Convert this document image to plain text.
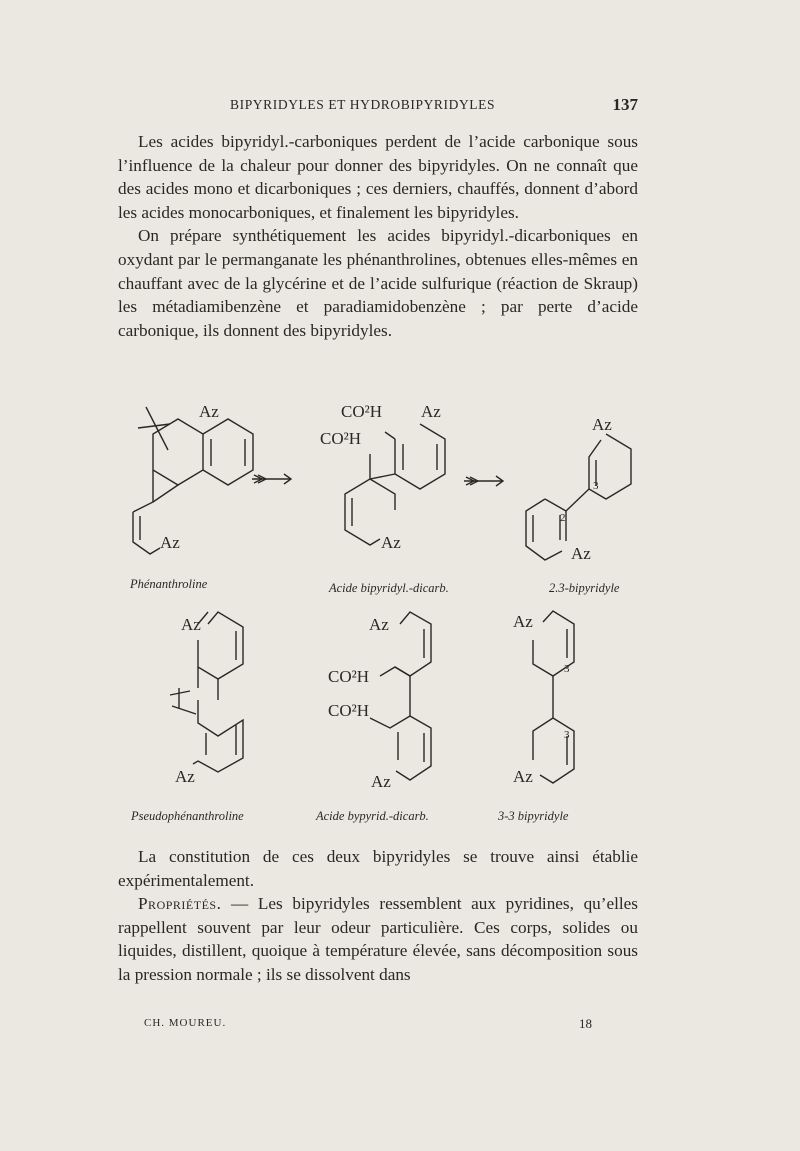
BIPYRIDYLES ET HYDROBIPYRIDYLES	137

Les acides bipyridyl.-carboniques perdent de l’acide carbonique sous l’influence de la chaleur pour donner des bipyridyles. On ne connaît que des acides mono et dicarboniques ; ces derniers, chauffés, donnent d’abord les acides monocarboniques, et finalement les bipyridyles.

On prépare synthétiquement les acides bipyridyl.-dicarboniques en oxydant par le permanganate les phénanthrolines, obtenues elles-mêmes en chauffant avec de la glycérine et de l’acide sulfurique (réaction de Skraup) les métadiamibenzène et paradiamidobenzène ; par perte d’acide carbonique, ils donnent des bipyridyles.

Az
Az
CO²H Az
CO²H
Az
Az
3
2
Az
Az
Az
Az
CO²H
CO²H
Az
Az
3
3
Az
Phénanthroline	Acide bipyridyl.-dicarb.	2.3-bipyridyle
Pseudophénanthroline	Acide bypyrid.-dicarb.	3-3 bipyridyle

La constitution de ces deux bipyridyles se trouve ainsi établie expérimentalement.

Propriétés. — Les bipyridyles ressemblent aux pyridines, qu’elles rappellent souvent par leur odeur particulière. Ces corps, solides ou liquides, distillent, quoique à température élevée, sans décomposition sous la pression normale ; ils se dissolvent dans

CH. MOUREU.	18
